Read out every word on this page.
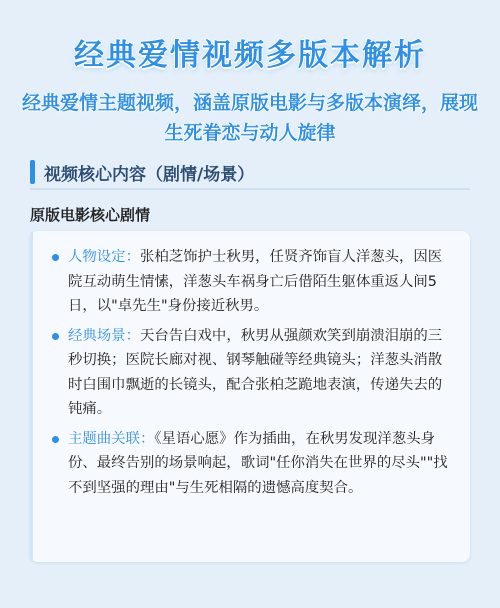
经典爱情视频多版本解析
经典爱情主题视频，涵盖原版电影与多版本演绎，展现生死眷恋与动人旋律
视频核心内容（剧情/场景）
原版电影核心剧情
人物设定：张柏芝饰护士秋男，任贤齐饰盲人洋葱头，因医院互动萌生情愫，洋葱头车祸身亡后借陌生躯体重返人间5日，以"卓先生"身份接近秋男。
经典场景：天台告白戏中，秋男从强颜欢笑到崩溃泪崩的三秒切换；医院长廊对视、钢琴触碰等经典镜头；洋葱头消散时白围巾飘逝的长镜头，配合张柏芝跪地表演，传递失去的钝痛。
主题曲关联：《星语心愿》作为插曲，在秋男发现洋葱头身份、最终告别的场景响起，歌词"任你消失在世界的尽头""找不到坚强的理由"与生死相隔的遗憾高度契合。
